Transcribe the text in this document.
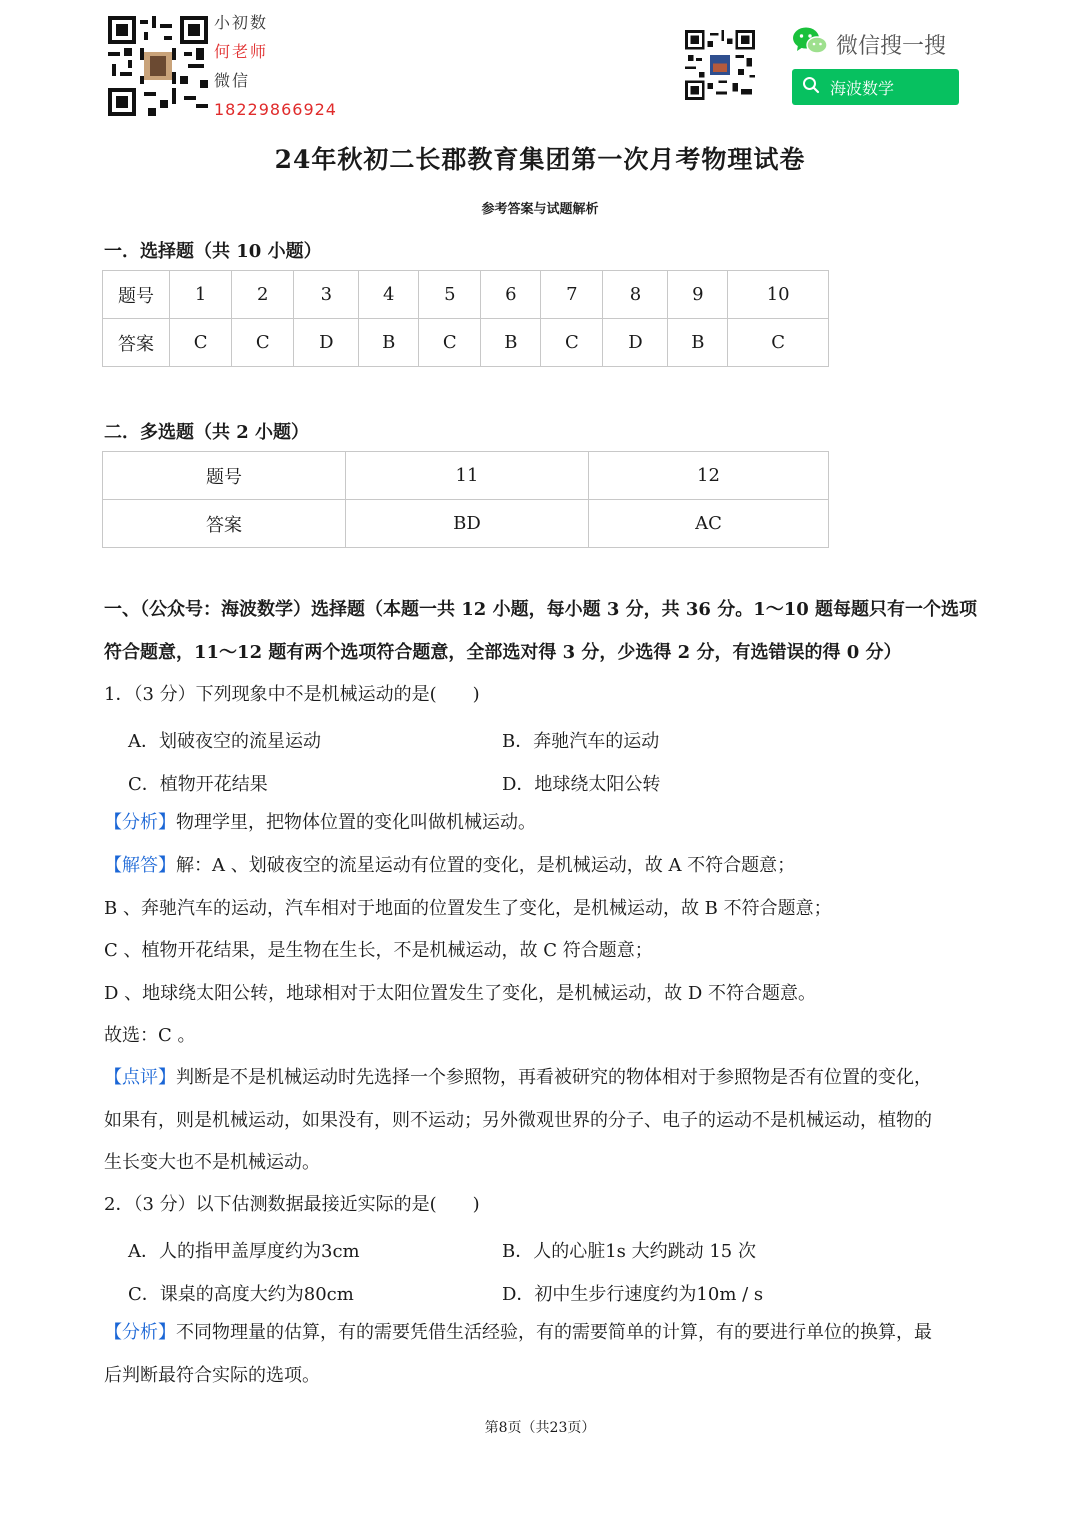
小初数
何老师
微信
18229866924
微信搜一搜
海波数学
24年秋初二长郡教育集团第一次月考物理试卷
参考答案与试题解析
一．选择题（共 10 小题）
题号	1	2	3	4	5	6	7	8	9	10
答案	C	C	D	B	C	B	C	D	B	C
二．多选题（共 2 小题）
题号	11	12
答案	BD	AC
一、（公众号：海波数学）选择题（本题一共 12 小题，每小题 3 分，共 36 分。1～10 题每题只有一个选项
符合题意，11～12 题有两个选项符合题意，全部选对得 3 分，少选得 2 分，有选错误的得 0 分）
1．（3 分）下列现象中不是机械运动的是(　　)
A．划破夜空的流星运动	B．奔驰汽车的运动
C．植物开花结果	D．地球绕太阳公转
【分析】物理学里，把物体位置的变化叫做机械运动。
【解答】解：A 、划破夜空的流星运动有位置的变化，是机械运动，故 A 不符合题意；
B 、奔驰汽车的运动，汽车相对于地面的位置发生了变化，是机械运动，故 B 不符合题意；
C 、植物开花结果，是生物在生长，不是机械运动，故 C 符合题意；
D 、地球绕太阳公转，地球相对于太阳位置发生了变化，是机械运动，故 D 不符合题意。
故选：C 。
【点评】判断是不是机械运动时先选择一个参照物，再看被研究的物体相对于参照物是否有位置的变化，
如果有，则是机械运动，如果没有，则不运动；另外微观世界的分子、电子的运动不是机械运动，植物的
生长变大也不是机械运动。
2．（3 分）以下估测数据最接近实际的是(　　)
A．人的指甲盖厚度约为3cm	B．人的心脏1s 大约跳动 15 次
C．课桌的高度大约为80cm	D．初中生步行速度约为10m / s
【分析】不同物理量的估算，有的需要凭借生活经验，有的需要简单的计算，有的要进行单位的换算，最
后判断最符合实际的选项。
第8页（共23页）
